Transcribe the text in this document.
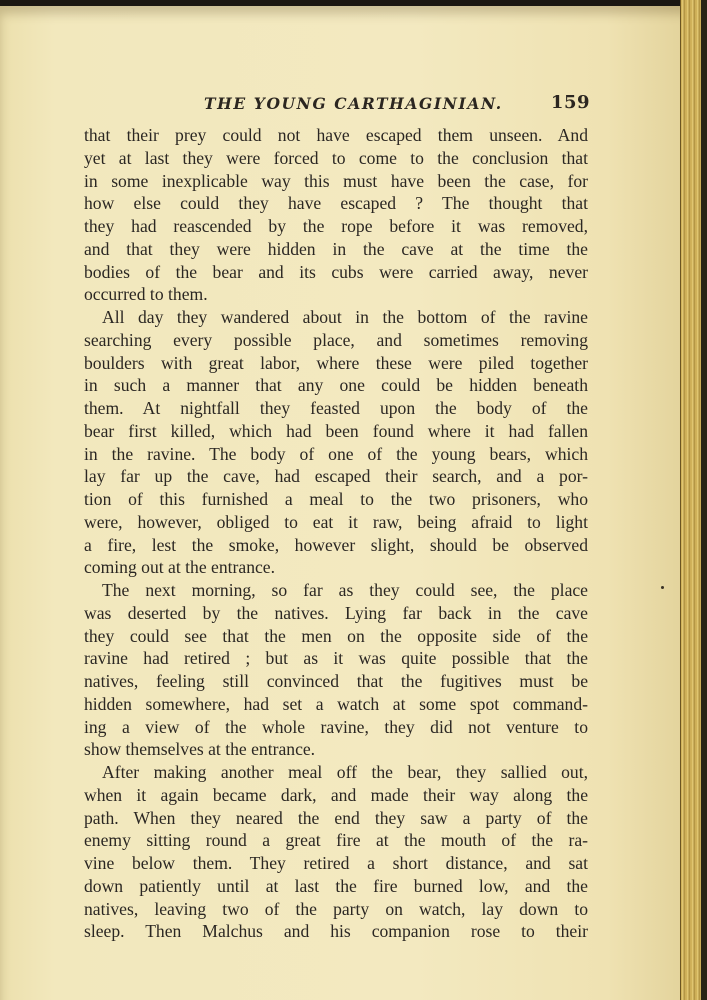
THE YOUNG CARTHAGINIAN.	159
that their prey could not have escaped them unseen. And
yet at last they were forced to come to the conclusion that
in some inexplicable way this must have been the case, for
how else could they have escaped ? The thought that
they had reascended by the rope before it was removed,
and that they were hidden in the cave at the time the
bodies of the bear and its cubs were carried away, never
occurred to them.
All day they wandered about in the bottom of the ravine
searching every possible place, and sometimes removing
boulders with great labor, where these were piled together
in such a manner that any one could be hidden beneath
them. At nightfall they feasted upon the body of the
bear first killed, which had been found where it had fallen
in the ravine. The body of one of the young bears, which
lay far up the cave, had escaped their search, and a por-
tion of this furnished a meal to the two prisoners, who
were, however, obliged to eat it raw, being afraid to light
a fire, lest the smoke, however slight, should be observed
coming out at the entrance.
The next morning, so far as they could see, the place
was deserted by the natives. Lying far back in the cave
they could see that the men on the opposite side of the
ravine had retired ; but as it was quite possible that the
natives, feeling still convinced that the fugitives must be
hidden somewhere, had set a watch at some spot command-
ing a view of the whole ravine, they did not venture to
show themselves at the entrance.
After making another meal off the bear, they sallied out,
when it again became dark, and made their way along the
path. When they neared the end they saw a party of the
enemy sitting round a great fire at the mouth of the ra-
vine below them. They retired a short distance, and sat
down patiently until at last the fire burned low, and the
natives, leaving two of the party on watch, lay down to
sleep. Then Malchus and his companion rose to their
